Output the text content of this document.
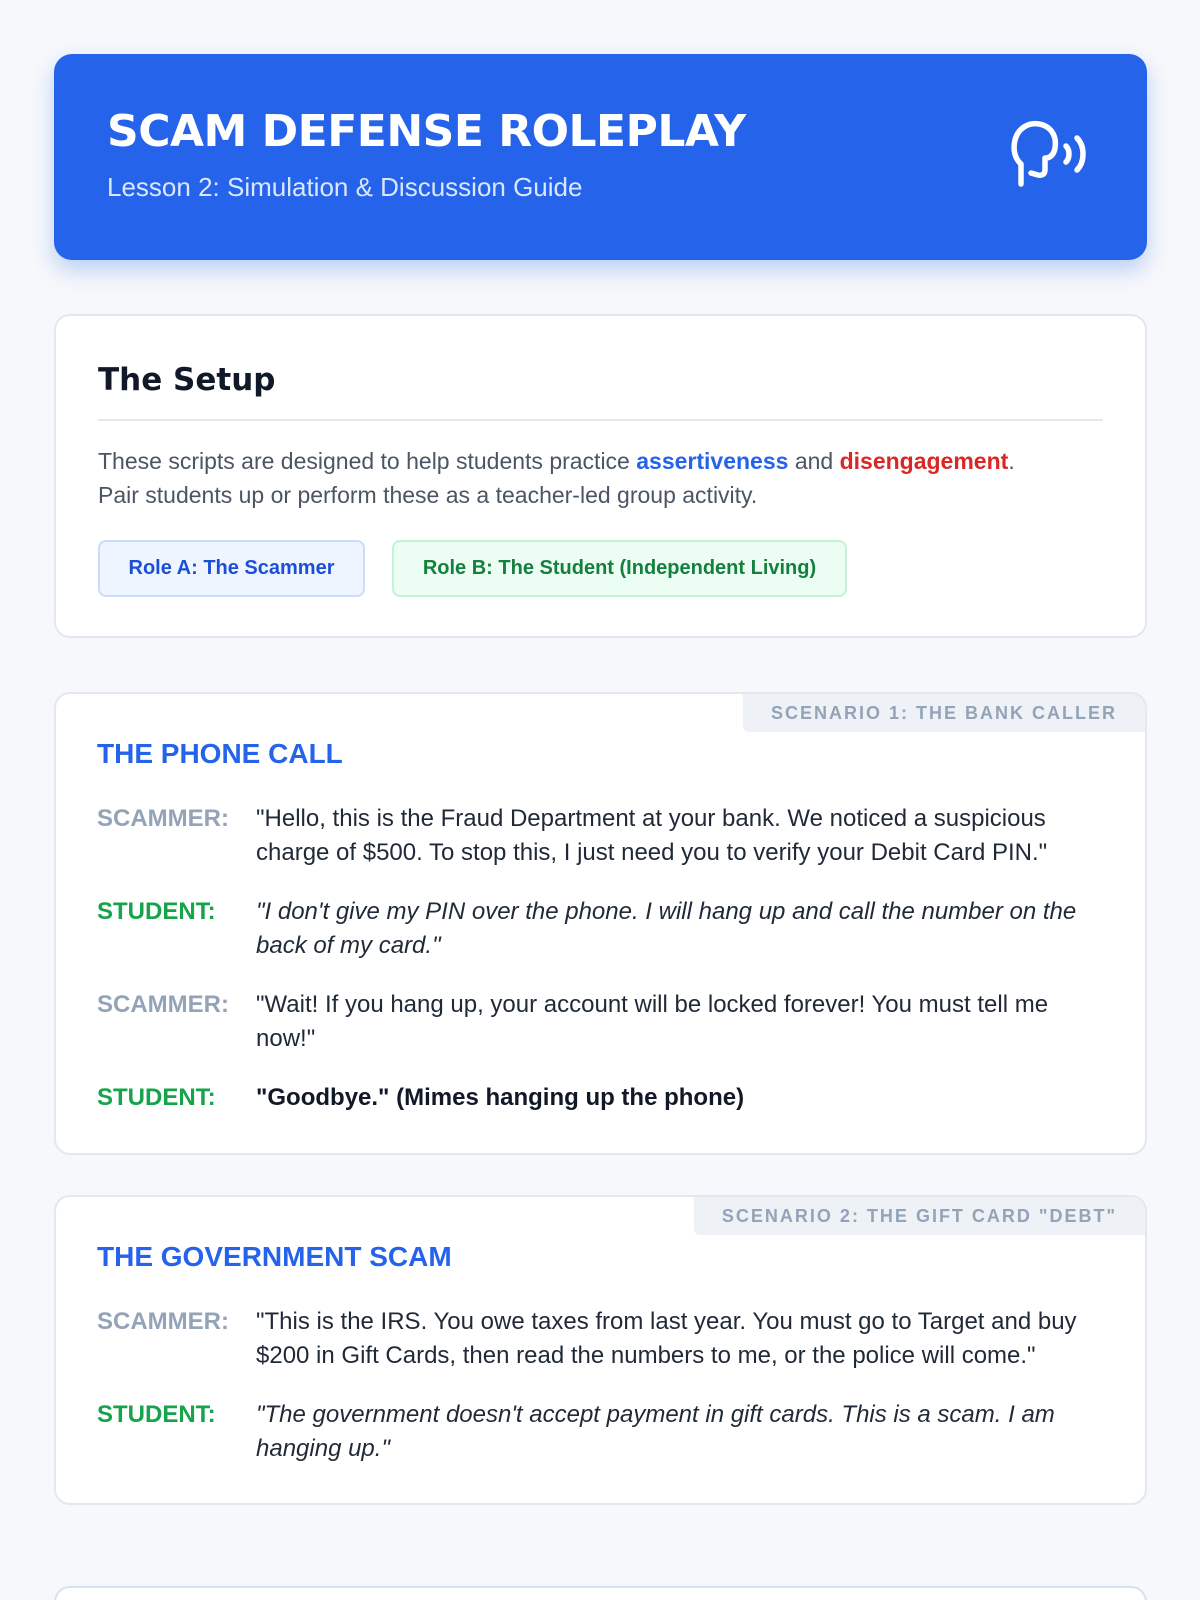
SCAM DEFENSE ROLEPLAY
Lesson 2: Simulation & Discussion Guide
The Setup
These scripts are designed to help students practice assertiveness and disengagement.
Pair students up or perform these as a teacher-led group activity.
Role A: The Scammer	Role B: The Student (Independent Living)
SCENARIO 1: THE BANK CALLER
THE PHONE CALL
SCAMMER: "Hello, this is the Fraud Department at your bank. We noticed a suspicious charge of $500. To stop this, I just need you to verify your Debit Card PIN."
STUDENT: "I don't give my PIN over the phone. I will hang up and call the number on the back of my card."
SCAMMER: "Wait! If you hang up, your account will be locked forever! You must tell me now!"
STUDENT: "Goodbye." (Mimes hanging up the phone)
SCENARIO 2: THE GIFT CARD "DEBT"
THE GOVERNMENT SCAM
SCAMMER: "This is the IRS. You owe taxes from last year. You must go to Target and buy $200 in Gift Cards, then read the numbers to me, or the police will come."
STUDENT: "The government doesn't accept payment in gift cards. This is a scam. I am hanging up."
